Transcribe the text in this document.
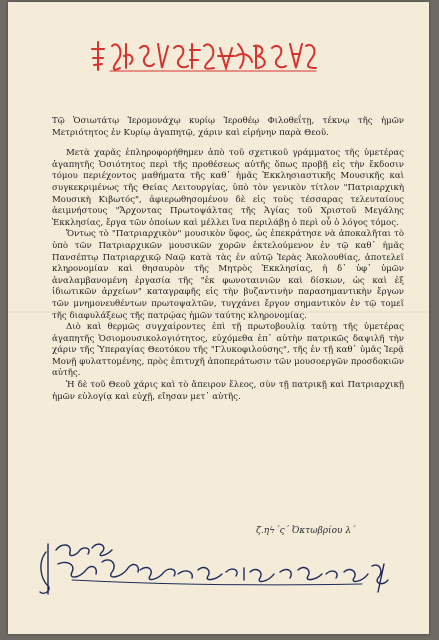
Τῷ Ὁσιωτάτῳ Ἱερομονάχῳ κυρίῳ Ἱεροθέῳ Φιλοθεΐτῃ, τέκνῳ τῆς ἡμῶν Μετριότητος ἐν Κυρίῳ ἀγαπητῷ, χάριν καὶ εἰρήνην παρὰ Θεοῦ.

Μετὰ χαρᾶς ἐπληροφορήθημεν ἀπὸ τοῦ σχετικοῦ γράμματος τῆς ὑμετέρας ἀγαπητῆς Ὁσιότητος περὶ τῆς προθέσεως αὐτῆς ὅπως προβῇ εἰς τὴν ἔκδοσιν τόμου περιέχοντος μαθήματα τῆς καθ᾽ ἡμᾶς Ἐκκλησιαστικῆς Μουσικῆς καὶ συγκεκριμένως τῆς Θείας Λειτουργίας, ὑπὸ τὸν γενικὸν τίτλον "Πατριαρχικὴ Μουσικὴ Κιβωτός", ἀφιερωθησομένου δὲ εἰς τοὺς τέσσαρας τελευταίους ἀειμνήστους "Ἄρχοντας Πρωτοψάλτας τῆς Ἁγίας τοῦ Χριστοῦ Μεγάλης Ἐκκλησίας, ἔργα τῶν ὁποίων καὶ μέλλει ἵνα περιλάβῃ ὁ περὶ οὗ ὁ λόγος τόμος.

Ὄντως τὸ "Πατριαρχικὸν" μουσικὸν ὕφος, ὡς ἐπεκράτησε νὰ ἀποκαλῆται τὸ ὑπὸ τῶν Πατριαρχικῶν μουσικῶν χορῶν ἐκτελούμενον ἐν τῷ καθ᾽ ἡμᾶς Πανσέπτῳ Πατριαρχικῷ Ναῷ κατὰ τὰς ἐν αὐτῷ Ἱερὰς Ἀκολουθίας, ἀποτελεῖ κληρονομίαν καὶ θησαυρὸν τῆς Μητρὸς Ἐκκλησίας, ἡ δ᾽ ὑφ᾽ ὑμῶν ἀναλαμβανομένη ἐργασία τῆς "ἐκ φωνοταινιῶν καὶ δίσκων, ὡς καὶ ἐξ ἰδιωτικῶν ἀρχείων" καταγραφῆς εἰς τὴν βυζαντινὴν παρασημαντικὴν ἔργων τῶν μνημονευθέντων πρωτοψαλτῶν, τυγχάνει ἔργον σημαντικὸν ἐν τῷ τομεῖ τῆς διαφυλάξεως τῆς πατρῴας ἡμῶν ταύτης κληρονομίας.

Διὸ καὶ θερμῶς συγχαίροντες ἐπὶ τῇ πρωτοβουλίᾳ ταύτῃ τῆς ὑμετέρας ἀγαπητῆς Ὁσιομουσικολογιότητος, εὐχόμεθα ἐπ᾽ αὐτὴν πατρικῶς δαψιλῆ τὴν χάριν τῆς Ὑπεραγίας Θεοτόκου τῆς "Γλυκοφιλούσης", τῆς ἐν τῇ καθ᾽ ὑμᾶς Ἱερᾷ Μονῇ φυλαττομένης, πρὸς ἐπιτυχῆ ἀποπεράτωσιν τῶν μουσοεργῶν προσδοκιῶν αὐτῆς.

Ἡ δὲ τοῦ Θεοῦ χάρις καὶ τὸ ἄπειρον ἔλεος, σὺν τῇ πατρικῇ καὶ Πατριαρχικῇ ἡμῶν εὐλογίᾳ καὶ εὐχῇ, εἴησαν μετ᾽ αὐτῆς.

ζ.ηϟ΄ς΄ Ὀκτωβρίου λ΄
